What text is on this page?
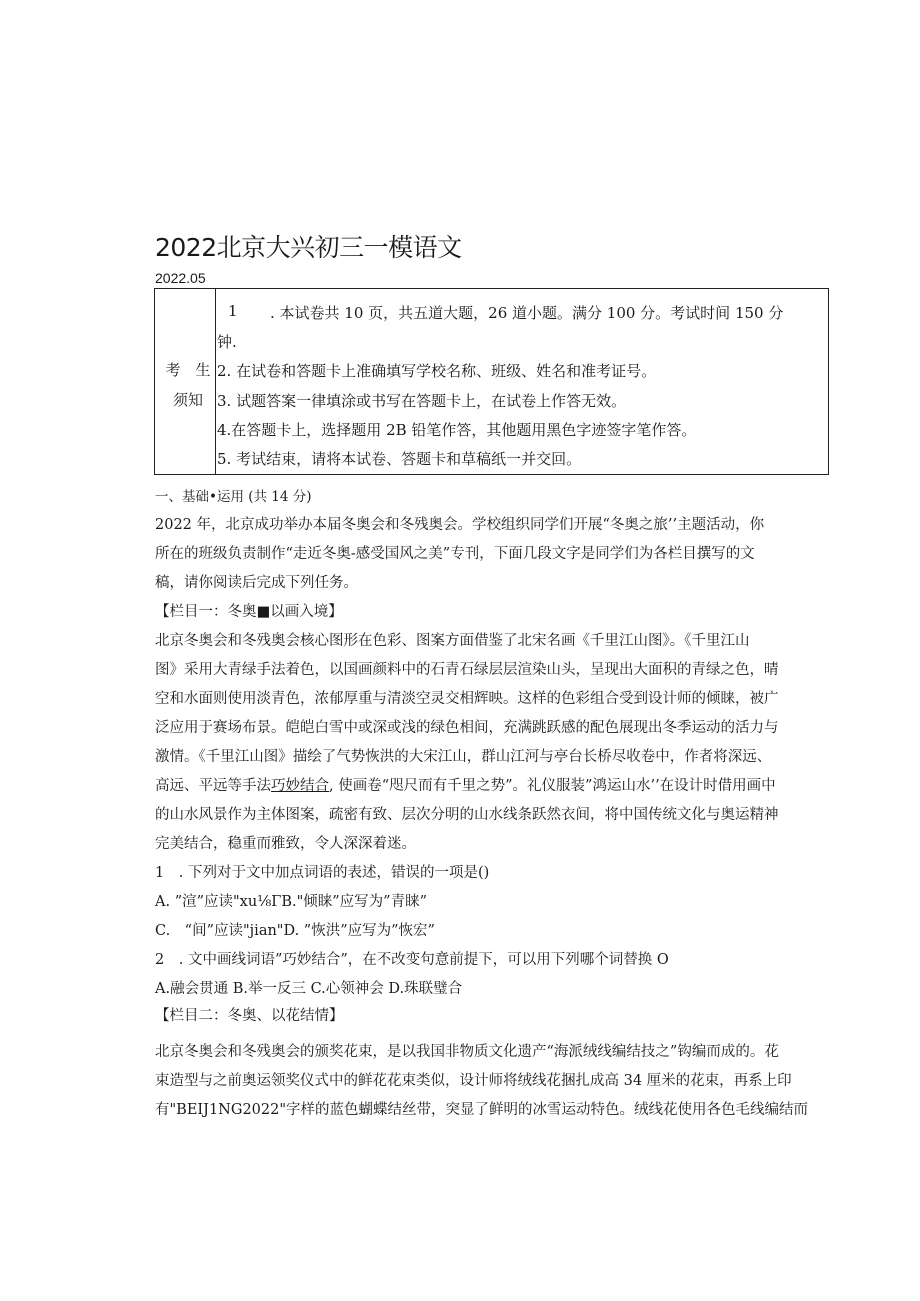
2022北京大兴初三一模语文
2022.05
考　生
须知
1 . 本试卷共 10 页，共五道大题，26 道小题。满分 100 分。考试时间 150 分
钟.
2. 在试卷和答题卡上准确填写学校名称、班级、姓名和准考证号。
3. 试题答案一律填涂或书写在答题卡上，在试卷上作答无效。
4.在答题卡上，选择题用 2B 铅笔作答，其他题用黑色字迹签字笔作答。
5. 考试结束，请将本试卷、答题卡和草稿纸一并交回。
一、基础•运用 (共 14 分)
2022 年，北京成功举办本届冬奥会和冬残奥会。学校组织同学们开展“冬奥之旅’’主题活动，你
所在的班级负责制作“走近冬奥-感受国风之美”专刊，下面几段文字是同学们为各栏目撰写的文
稿，请你阅读后完成下列任务。
【栏目一：冬奥■以画入境】
北京冬奥会和冬残奥会核心图形在色彩、图案方面借鉴了北宋名画《千里江山图》。《千里江山
图》采用大青绿手法着色，以国画颜料中的石青石绿层层渲染山头，呈现出大面积的青绿之色，晴
空和水面则使用淡青色，浓郁厚重与清淡空灵交相辉映。这样的色彩组合受到设计师的倾睐，被广
泛应用于赛场布景。皑皑白雪中或深或浅的绿色相间，充满跳跃感的配色展现出冬季运动的活力与
激情。《千里江山图》描绘了气势恢洪的大宋江山，群山江河与亭台长桥尽收卷中，作者将深远、
高远、平远等手法巧妙结合, 使画卷“咫尺而有千里之势”。礼仪服装”鸿运山水’’在设计时借用画中
的山水风景作为主体图案，疏密有致、层次分明的山水线条跃然衣间，将中国传统文化与奥运精神
完美结合，稳重而雅致，令人深深着迷。
1　. 下列对于文中加点词语的表述，错误的一项是()
A. ”渲”应读"xu⅛ΓB."倾睐”应写为”青睐”
C.　“间”应读"jian"D. ”恢洪”应写为”恢宏”
2　. 文中画线词语”巧妙结合”，在不改变句意前提下，可以用下列哪个词替换 O
A.融会贯通 B.举一反三 C.心领神会 D.珠联璧合
【栏目二：冬奥、以花结情】
北京冬奥会和冬残奥会的颁奖花束，是以我国非物质文化遗产“海派绒线编结技之”钩编而成的。花
束造型与之前奥运领奖仪式中的鲜花花束类似，设计师将绒线花捆扎成高 34 厘米的花束，再系上印
有"BEIJ1NG2022"字样的蓝色蝴蝶结丝带，突显了鲜明的冰雪运动特色。绒线花使用各色毛线编结而
